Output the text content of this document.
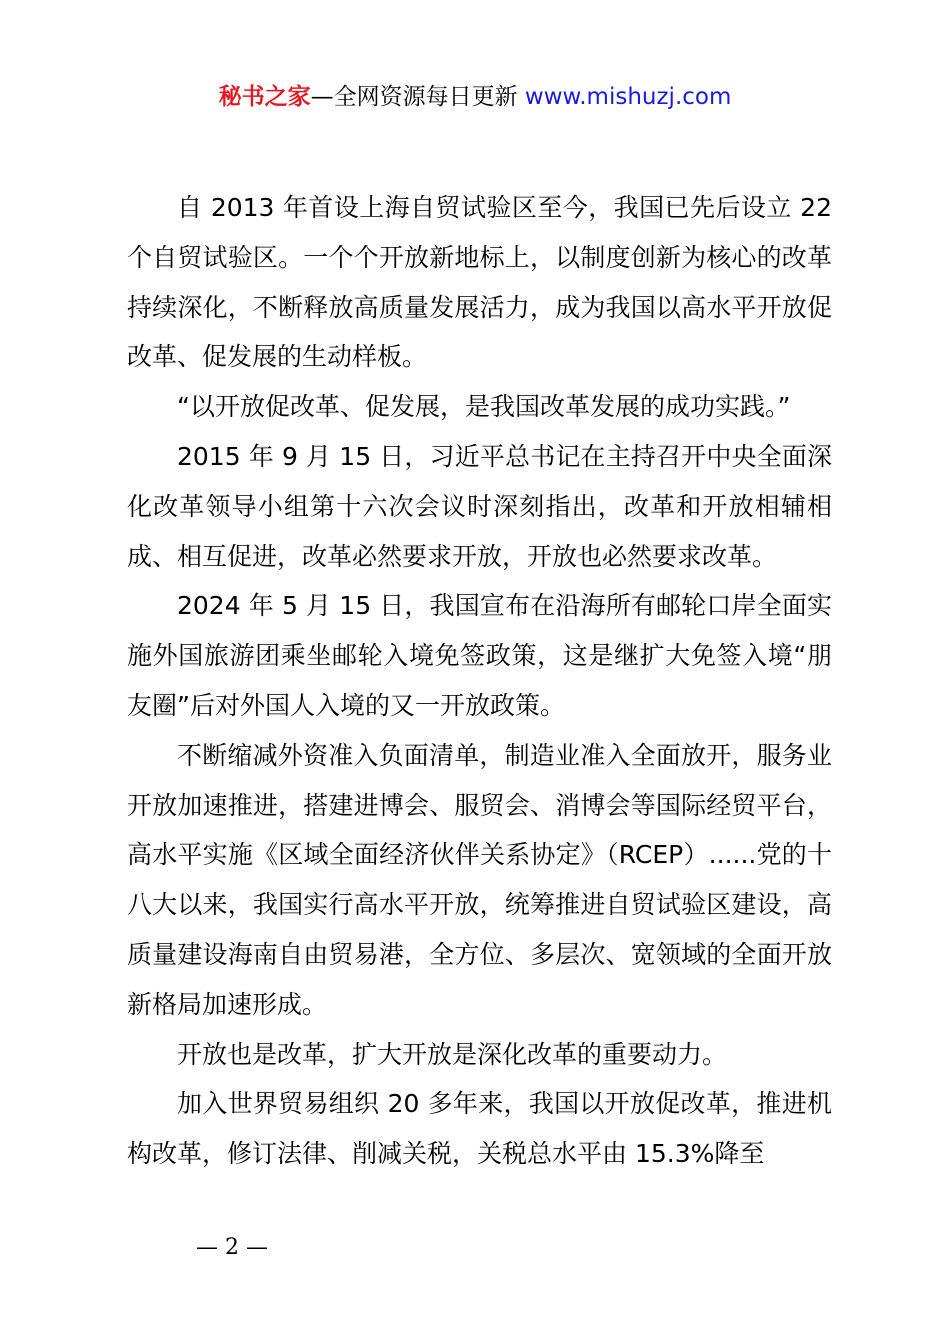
秘书之家—全网资源每日更新 www.mishuzj.com

自 2013 年首设上海自贸试验区至今，我国已先后设立 22 个自贸试验区。一个个开放新地标上，以制度创新为核心的改革持续深化，不断释放高质量发展活力，成为我国以高水平开放促改革、促发展的生动样板。

“以开放促改革、促发展，是我国改革发展的成功实践。”

2015 年 9 月 15 日，习近平总书记在主持召开中央全面深化改革领导小组第十六次会议时深刻指出，改革和开放相辅相成、相互促进，改革必然要求开放，开放也必然要求改革。

2024 年 5 月 15 日，我国宣布在沿海所有邮轮口岸全面实施外国旅游团乘坐邮轮入境免签政策，这是继扩大免签入境“朋友圈”后对外国人入境的又一开放政策。

不断缩减外资准入负面清单，制造业准入全面放开，服务业开放加速推进，搭建进博会、服贸会、消博会等国际经贸平台，高水平实施《区域全面经济伙伴关系协定》（RCEP）......党的十八大以来，我国实行高水平开放，统筹推进自贸试验区建设，高质量建设海南自由贸易港，全方位、多层次、宽领域的全面开放新格局加速形成。

开放也是改革，扩大开放是深化改革的重要动力。

加入世界贸易组织 20 多年来，我国以开放促改革，推进机构改革，修订法律、削减关税，关税总水平由 15.3%降至

— 2 —
